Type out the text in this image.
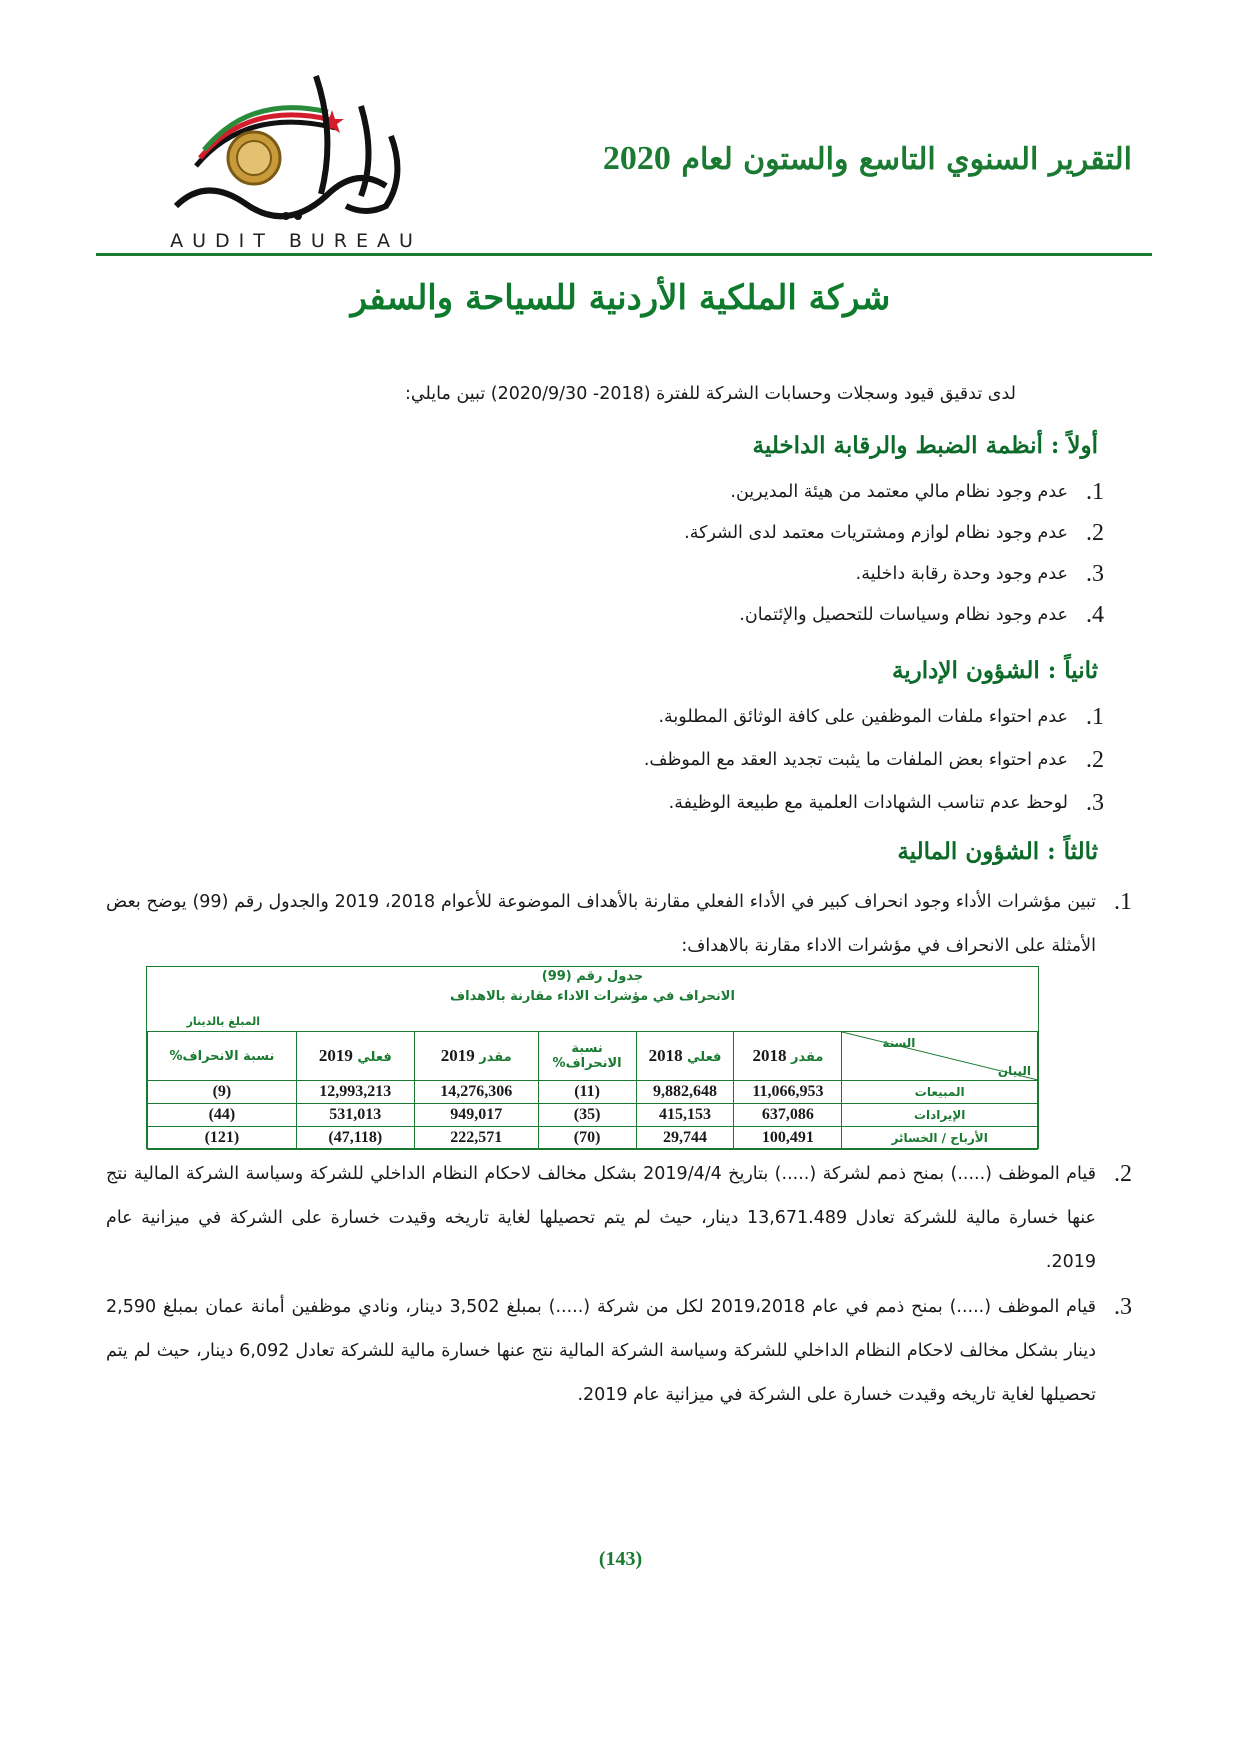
AUDIT BUREAU
التقرير السنوي التاسع والستون لعام 2020
شركة الملكية الأردنية للسياحة والسفر
لدى تدقيق قيود وسجلات وحسابات الشركة للفترة (2018- 2020/9/30) تبين مايلي:
أولاً : أنظمة الضبط والرقابة الداخلية
1.
عدم وجود نظام مالي معتمد من هيئة المديرين.
2.
عدم وجود نظام لوازم ومشتريات معتمد لدى الشركة.
3.
عدم وجود وحدة رقابة داخلية.
4.
عدم وجود نظام وسياسات للتحصيل والإئتمان.
ثانياً : الشؤون الإدارية
1.
عدم احتواء ملفات الموظفين على كافة الوثائق المطلوبة.
2.
عدم احتواء بعض الملفات ما يثبت تجديد العقد مع الموظف.
3.
لوحظ عدم تناسب الشهادات العلمية مع طبيعة الوظيفة.
ثالثاً : الشؤون المالية
1.
تبين مؤشرات الأداء وجود انحراف كبير في الأداء الفعلي مقارنة بالأهداف الموضوعة للأعوام 2018، 2019 والجدول رقم (99) يوضح بعض الأمثلة على الانحراف في مؤشرات الاداء مقارنة بالاهداف:
جدول رقم (99)
الانحراف في مؤشرات الاداء مقارنة بالاهداف
المبلغ بالدينار
السنة
البيان	مقدر 2018	فعلي 2018	نسبة الانحراف%	مقدر 2019	فعلي 2019	نسبة الانحراف%
المبيعات	11,066,953	9,882,648	(11)	14,276,306	12,993,213	(9)
الإيرادات	637,086	415,153	(35)	949,017	531,013	(44)
الأرباح / الخسائر	100,491	29,744	(70)	222,571	(47,118)	(121)
2.
قيام الموظف (.....) بمنح ذمم لشركة (.....) بتاريخ 2019/4/4 بشكل مخالف لاحكام النظام الداخلي للشركة وسياسة الشركة المالية نتج عنها خسارة مالية للشركة تعادل 13,671.489 دينار، حيث لم يتم تحصيلها لغاية تاريخه وقيدت خسارة على الشركة في ميزانية عام 2019.
3.
قيام الموظف (.....) بمنح ذمم في عام 2019،2018 لكل من شركة (.....) بمبلغ 3,502 دينار، ونادي موظفين أمانة عمان بمبلغ 2,590 دينار بشكل مخالف لاحكام النظام الداخلي للشركة وسياسة الشركة المالية نتج عنها خسارة مالية للشركة تعادل 6,092 دينار، حيث لم يتم تحصيلها لغاية تاريخه وقيدت خسارة على الشركة في ميزانية عام 2019.
(143)
